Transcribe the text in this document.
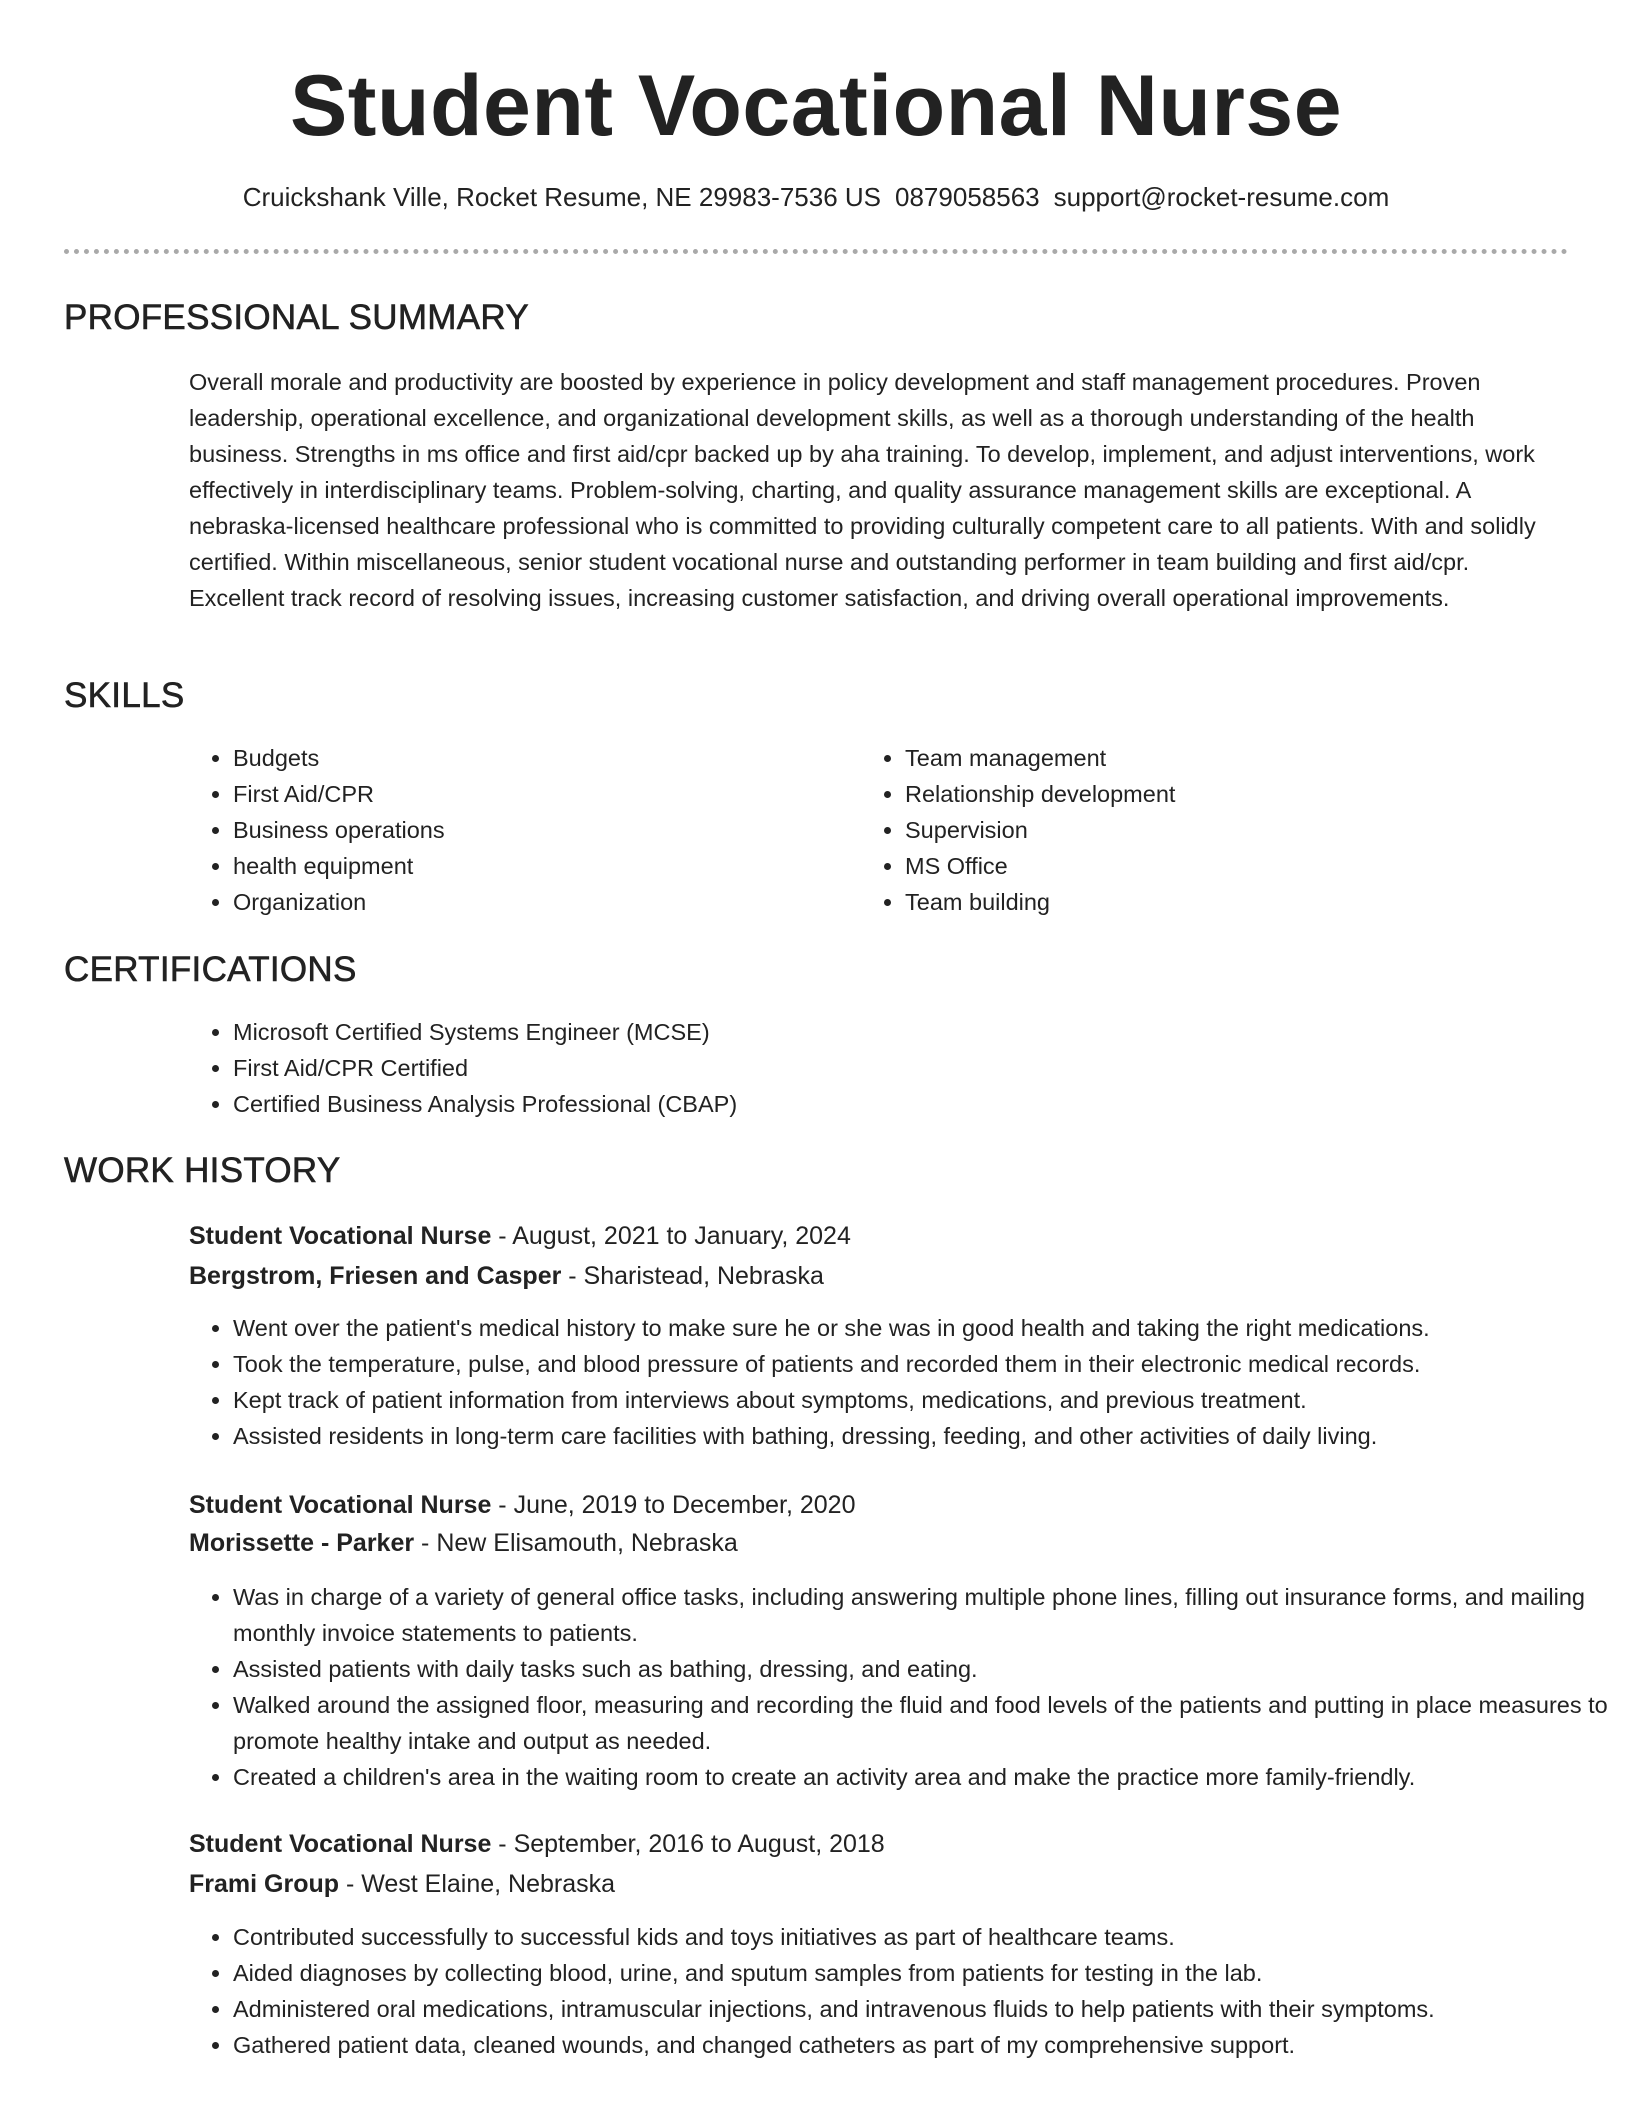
Student Vocational Nurse
Cruickshank Ville, Rocket Resume, NE 29983-7536 US 0879058563 support@rocket-resume.com
PROFESSIONAL SUMMARY

Overall morale and productivity are boosted by experience in policy development and staff management procedures. Proven leadership, operational excellence, and organizational development skills, as well as a thorough understanding of the health business. Strengths in ms office and first aid/cpr backed up by aha training. To develop, implement, and adjust interventions, work effectively in interdisciplinary teams. Problem-solving, charting, and quality assurance management skills are exceptional. A nebraska-licensed healthcare professional who is committed to providing culturally competent care to all patients. With and solidly certified. Within miscellaneous, senior student vocational nurse and outstanding performer in team building and first aid/cpr. Excellent track record of resolving issues, increasing customer satisfaction, and driving overall operational improvements.

SKILLS
• Budgets
• First Aid/CPR
• Business operations
• health equipment
• Organization
• Team management
• Relationship development
• Supervision
• MS Office
• Team building
CERTIFICATIONS
• Microsoft Certified Systems Engineer (MCSE)
• First Aid/CPR Certified
• Certified Business Analysis Professional (CBAP)
WORK HISTORY
Student Vocational Nurse - August, 2021 to January, 2024
Bergstrom, Friesen and Casper - Sharistead, Nebraska
• Went over the patient's medical history to make sure he or she was in good health and taking the right medications.
• Took the temperature, pulse, and blood pressure of patients and recorded them in their electronic medical records.
• Kept track of patient information from interviews about symptoms, medications, and previous treatment.
• Assisted residents in long-term care facilities with bathing, dressing, feeding, and other activities of daily living.
Student Vocational Nurse - June, 2019 to December, 2020
Morissette - Parker - New Elisamouth, Nebraska
• Was in charge of a variety of general office tasks, including answering multiple phone lines, filling out insurance forms, and mailing monthly invoice statements to patients.
• Assisted patients with daily tasks such as bathing, dressing, and eating.
• Walked around the assigned floor, measuring and recording the fluid and food levels of the patients and putting in place measures to promote healthy intake and output as needed.
• Created a children's area in the waiting room to create an activity area and make the practice more family-friendly.
Student Vocational Nurse - September, 2016 to August, 2018
Frami Group - West Elaine, Nebraska
• Contributed successfully to successful kids and toys initiatives as part of healthcare teams.
• Aided diagnoses by collecting blood, urine, and sputum samples from patients for testing in the lab.
• Administered oral medications, intramuscular injections, and intravenous fluids to help patients with their symptoms.
• Gathered patient data, cleaned wounds, and changed catheters as part of my comprehensive support.
